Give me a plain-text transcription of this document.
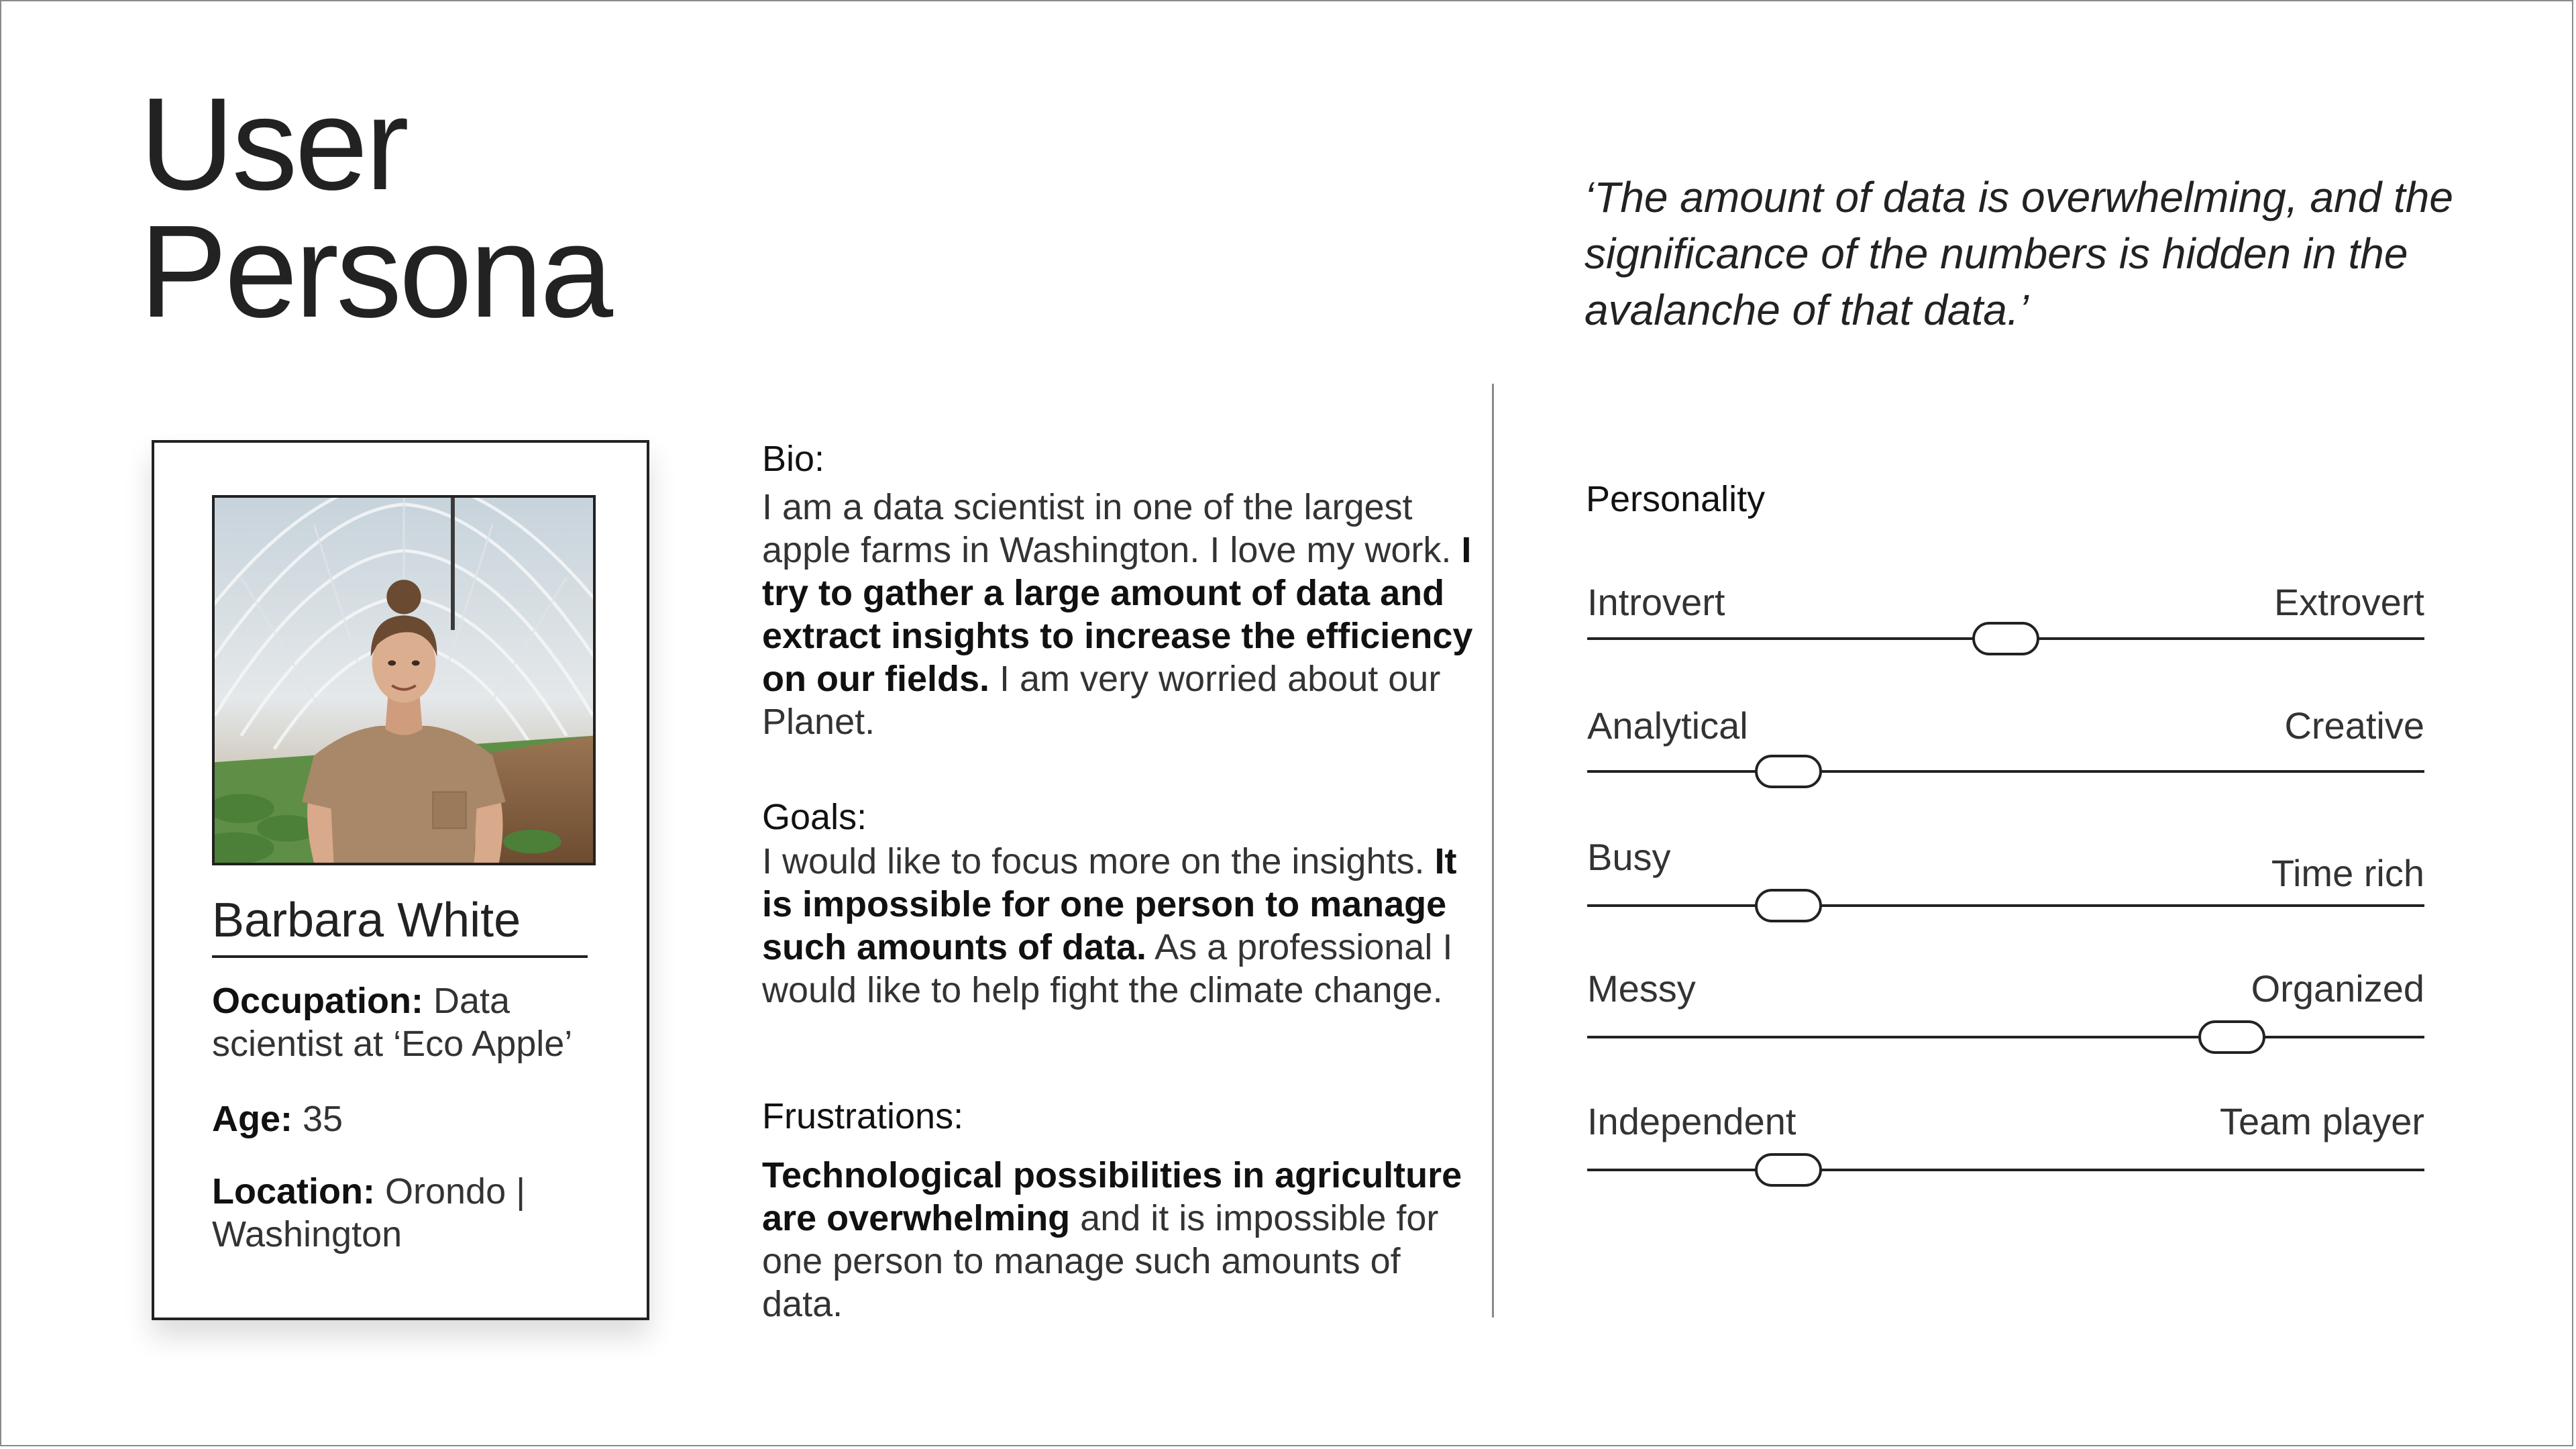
User
Persona
‘The amount of data is overwhelming, and the significance of the numbers is hidden in the avalanche of that data.’
Barbara White
Occupation: Data scientist at ‘Eco Apple’
Age: 35
Location: Orondo | Washington
Bio:
I am a data scientist in one of the largest apple farms in Washington. I love my work. I try to gather a large amount of data and extract insights to increase the efficiency on our fields. I am very worried about our Planet.
Goals:
I would like to focus more on the insights. It is impossible for one person to manage such amounts of data. As a professional I would like to help fight the climate change.
Frustrations:
Technological possibilities in agriculture are overwhelming and it is impossible for one person to manage such amounts of data.
Personality
Introvert	Extrovert
Analytical	Creative
Busy	Time rich
Messy	Organized
Independent	Team player
